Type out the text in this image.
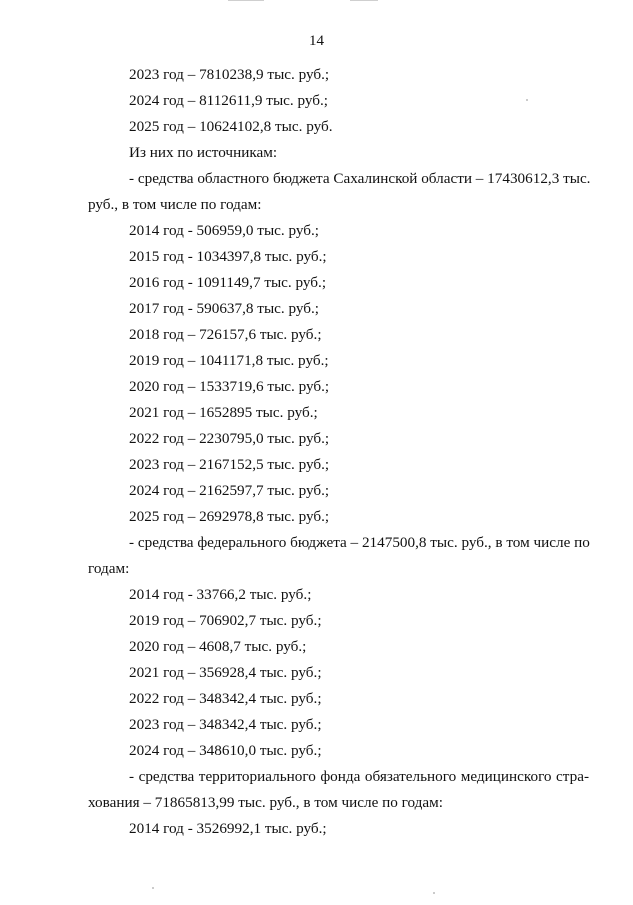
14
2023 год – 7810238,9 тыс. руб.;
2024 год – 8112611,9 тыс. руб.;
2025 год – 10624102,8 тыс. руб.
Из них по источникам:
- средства областного бюджета Сахалинской области – 17430612,3 тыс.
руб., в том числе по годам:
2014 год - 506959,0 тыс. руб.;
2015 год - 1034397,8 тыс. руб.;
2016 год - 1091149,7 тыс. руб.;
2017 год - 590637,8 тыс. руб.;
2018 год – 726157,6 тыс. руб.;
2019 год – 1041171,8 тыс. руб.;
2020 год – 1533719,6 тыс. руб.;
2021 год – 1652895 тыс. руб.;
2022 год – 2230795,0 тыс. руб.;
2023 год – 2167152,5 тыс. руб.;
2024 год – 2162597,7 тыс. руб.;
2025 год – 2692978,8 тыс. руб.;
- средства федерального бюджета – 2147500,8 тыс. руб., в том числе по
годам:
2014 год - 33766,2 тыс. руб.;
2019 год – 706902,7 тыс. руб.;
2020 год – 4608,7 тыс. руб.;
2021 год – 356928,4 тыс. руб.;
2022 год – 348342,4 тыс. руб.;
2023 год – 348342,4 тыс. руб.;
2024 год – 348610,0 тыс. руб.;
- средства территориального фонда обязательного медицинского стра-
хования – 71865813,99 тыс. руб., в том числе по годам:
2014 год - 3526992,1 тыс. руб.;
